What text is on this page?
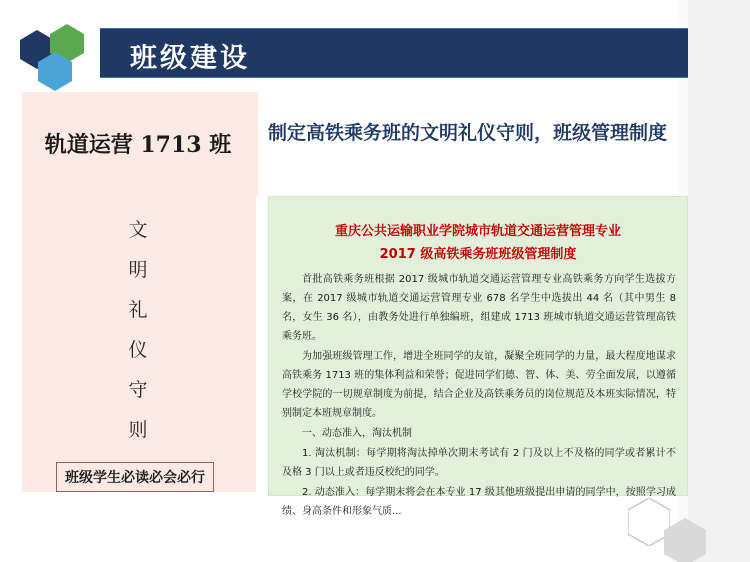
班级建设
轨道运营 1713 班
文
明
礼
仪
守
则
班级学生必读必会必行
制定高铁乘务班的文明礼仪守则，班级管理制度
重庆公共运输职业学院城市轨道交通运营管理专业
2017 级高铁乘务班班级管理制度

首批高铁乘务班根据 2017 级城市轨道交通运营管理专业高铁乘务方向学生选拔方案，在 2017 级城市轨道交通运营管理专业 678 名学生中选拔出 44 名（其中男生 8 名，女生 36 名），由教务处进行单独编班，组建成 1713 班城市轨道交通运营管理高铁乘务班。

为加强班级管理工作，增进全班同学的友谊，凝聚全班同学的力量，最大程度地谋求高铁乘务 1713 班的集体利益和荣誉；促进同学们德、智、体、美、劳全面发展，以遵循学校学院的一切规章制度为前提，结合企业及高铁乘务员的岗位规范及本班实际情况，特别制定本班规章制度。

一、动态准入，淘汰机制

1. 淘汰机制：每学期将淘汰掉单次期末考试有 2 门及以上不及格的同学或者累计不及格 3 门以上或者违反校纪的同学。

2. 动态准入：每学期末将会在本专业 17 级其他班级提出申请的同学中，按照学习成绩、身高条件和形象气质...
